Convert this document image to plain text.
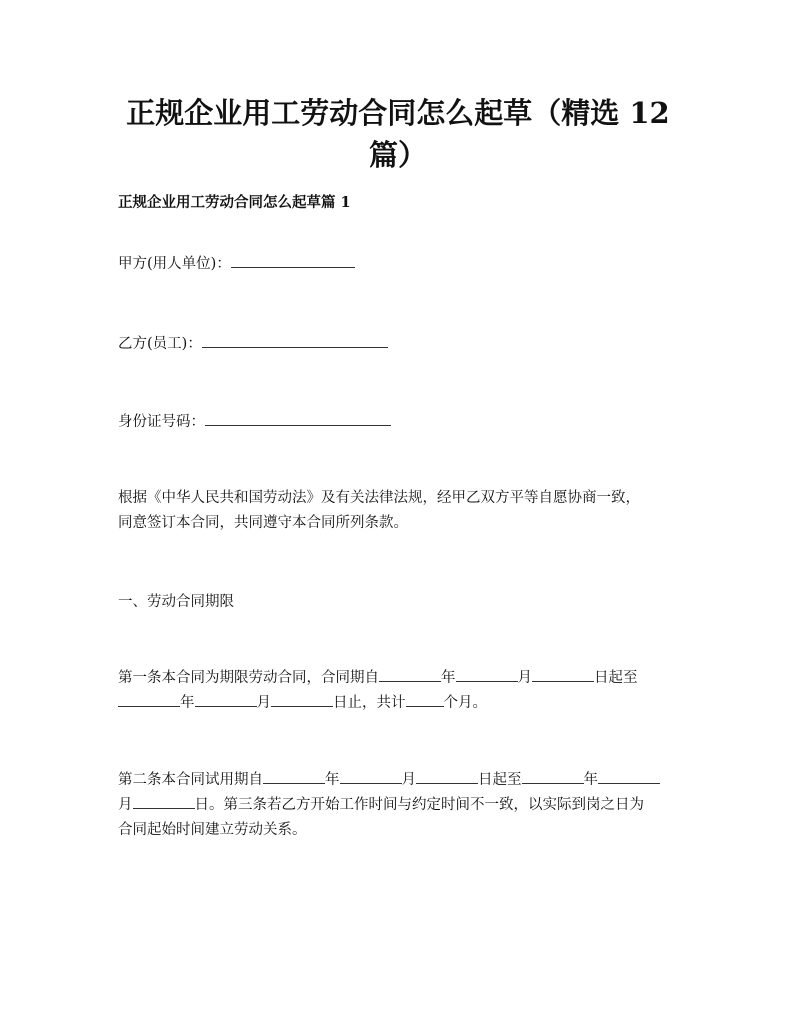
正规企业用工劳动合同怎么起草（精选 12
篇）

正规企业用工劳动合同怎么起草篇 1

甲方(用人单位)：

乙方(员工)：

身份证号码：

根据《中华人民共和国劳动法》及有关法律法规，经甲乙双方平等自愿协商一致，
同意签订本合同，共同遵守本合同所列条款。

一、劳动合同期限

第一条本合同为期限劳动合同，合同期自	年	月	日起至
年	月	日止，共计	个月。
第二条本合同试用期自	年	月	日起至	年
月	日。第三条若乙方开始工作时间与约定时间不一致，以实际到岗之日为
合同起始时间建立劳动关系。
